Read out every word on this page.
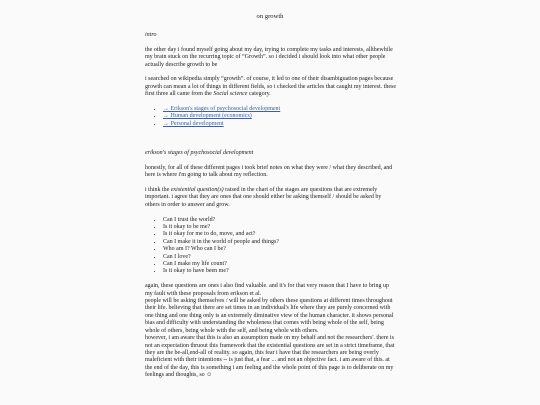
on growth

intro

the other day i found myself going about my day, trying to complete my tasks and interests, allthewhile my brain stuck on the recurring topic of “Growth”. so i decided i should look into what other people actually describe growth to be

i searched on wikipedia simply “growth”. of course, it led to one of their disambiguation pages because growth can mean a lot of things in different fields, so i checked the articles that caught my interest. these first three all came from the Social science category.

• → Erikson's stages of psychosocial development
• → Human development (economics)
• → Personal development

erikson's stages of psychosocial development

honestly, for all of these different pages i took brief notes on what they were / what they described, and here is where i'm going to talk about my reflection.

i think the existential question(s) raised in the chart of the stages are questions that are extremely important. i agree that they are ones that one should either be asking themself / should be asked by others in order to answer and grow.

• Can I trust the world?
• Is it okay to be me?
• Is it okay for me to do, move, and act?
• Can I make it in the world of people and things?
• Who am I? Who can I be?
• Can I love?
• Can I make my life count?
• Is it okay to have been me?

again, these questions are ones i also find valuable. and it's for that very reason that I have to bring up my fault with these proposals from erikson et al.

people will be asking themselves / will be asked by others these questions at different times throughout their life. believing that there are set times in an individual's life where they are purely concerned with one thing and one thing only is an extremely diminative view of the human character. it shows personal bias and difficulty with understanding the wholeness that comes with being whole of the self, being whole of others, being whole with the self, and being whole with others.

however, i am aware that this is also an assumption made on my behalf and not the researchers'. there is not an expectation thruout this framework that the existential questions are set in a strict timeframe, that they are the be-all,end-all of reality. so again, this fear i have that the researchers are being overly maleficient with their intentions -- is just that, a fear ... and not an objective fact. i am aware of this. at the end of the day, this is something i am feeling and the whole point of this page is to deliberate on my feelings and thoughts, so ☺
